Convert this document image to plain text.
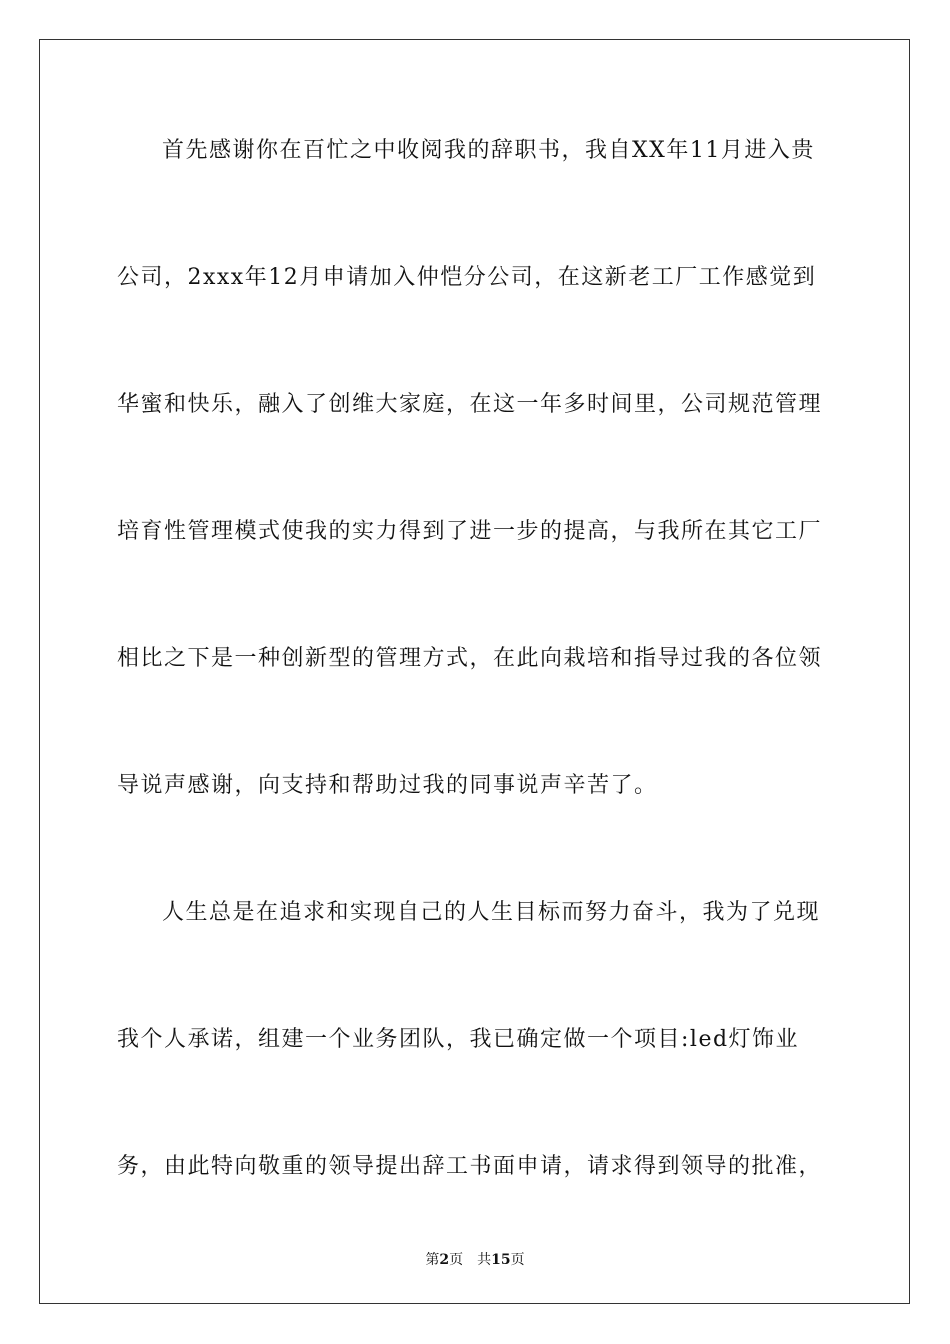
首先感谢你在百忙之中收阅我的辞职书，我自XX年11月进入贵
公司，2xxx年12月申请加入仲恺分公司，在这新老工厂工作感觉到
华蜜和快乐，融入了创维大家庭，在这一年多时间里，公司规范管理
培育性管理模式使我的实力得到了进一步的提高，与我所在其它工厂
相比之下是一种创新型的管理方式，在此向栽培和指导过我的各位领
导说声感谢，向支持和帮助过我的同事说声辛苦了。
人生总是在追求和实现自己的人生目标而努力奋斗，我为了兑现
我个人承诺，组建一个业务团队，我已确定做一个项目:led灯饰业
务，由此特向敬重的领导提出辞工书面申请，请求得到领导的批准，
第2页 共15页
